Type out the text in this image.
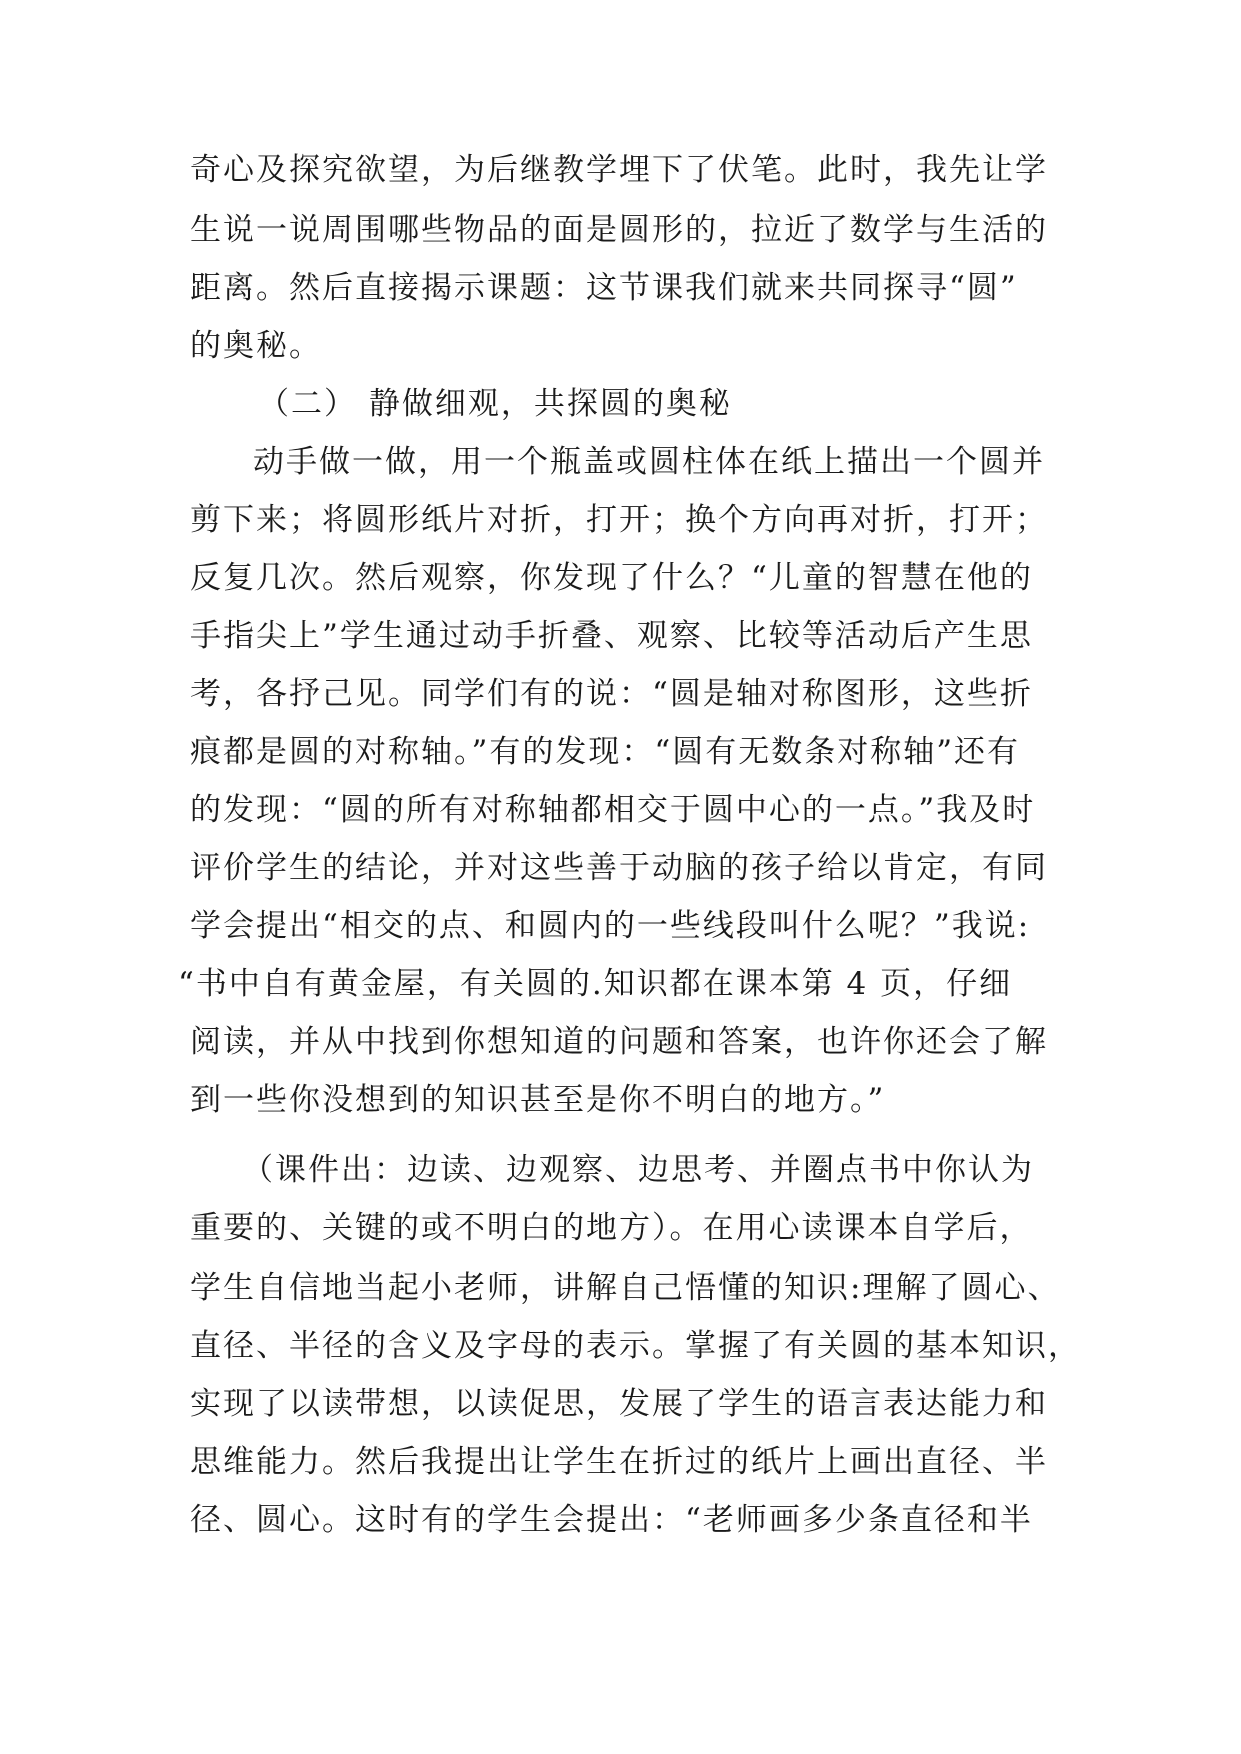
奇心及探究欲望，为后继教学埋下了伏笔。此时，我先让学
生说一说周围哪些物品的面是圆形的，拉近了数学与生活的
距离。然后直接揭示课题：这节课我们就来共同探寻“圆”
的奥秘。
（二） 静做细观，共探圆的奥秘
动手做一做，用一个瓶盖或圆柱体在纸上描出一个圆并
剪下来；将圆形纸片对折，打开；换个方向再对折，打开；
反复几次。然后观察，你发现了什么？“儿童的智慧在他的
手指尖上”学生通过动手折叠、观察、比较等活动后产生思
考，各抒己见。同学们有的说：“圆是轴对称图形，这些折
痕都是圆的对称轴。”有的发现：“圆有无数条对称轴”还有
的发现：“圆的所有对称轴都相交于圆中心的一点。”我及时
评价学生的结论，并对这些善于动脑的孩子给以肯定，有同
学会提出“相交的点、和圆内的一些线段叫什么呢？”我说:
“书中自有黄金屋，有关圆的.知识都在课本第 4 页，仔细
阅读，并从中找到你想知道的问题和答案，也许你还会了解
到一些你没想到的知识甚至是你不明白的地方。”
（课件出：边读、边观察、边思考、并圈点书中你认为
重要的、关键的或不明白的地方）。在用心读课本自学后，
学生自信地当起小老师，讲解自己悟懂的知识:理解了圆心、
直径、半径的含义及字母的表示。掌握了有关圆的基本知识，
实现了以读带想，以读促思，发展了学生的语言表达能力和
思维能力。然后我提出让学生在折过的纸片上画出直径、半
径、圆心。这时有的学生会提出：“老师画多少条直径和半
